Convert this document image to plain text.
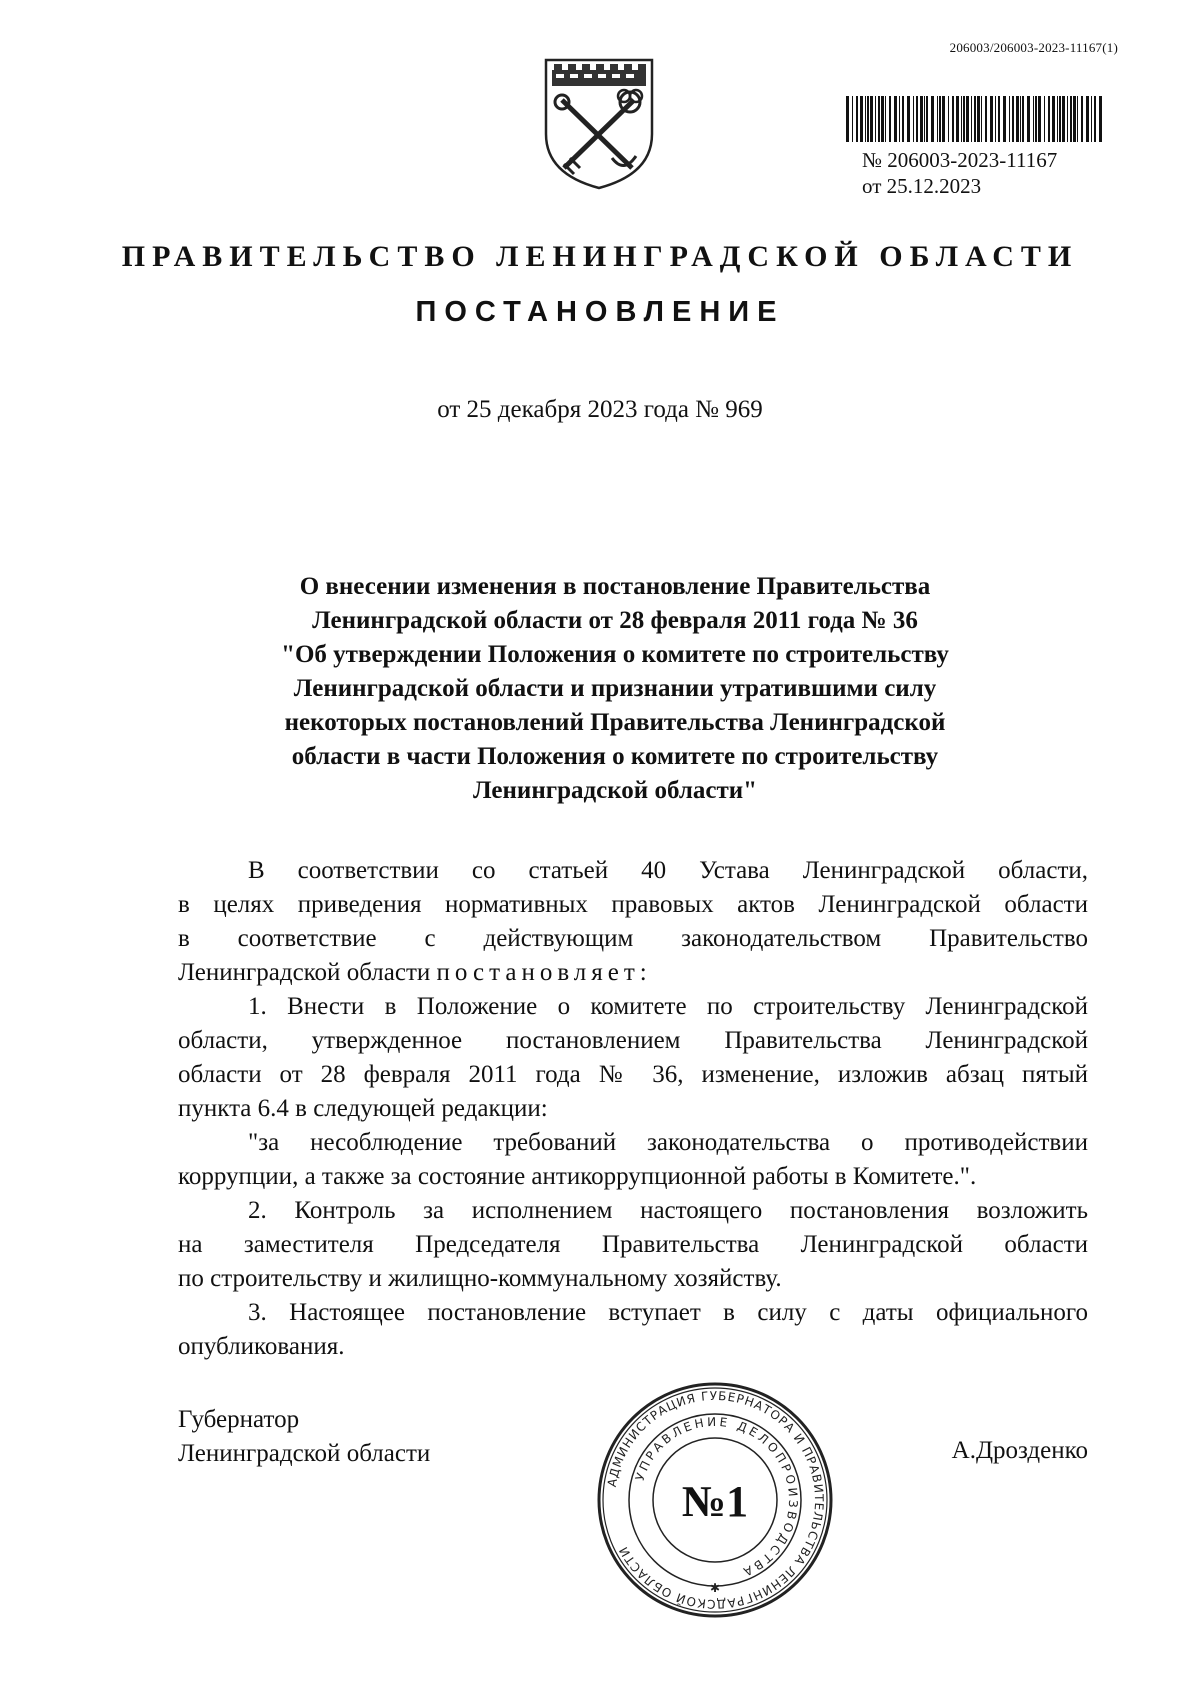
206003/206003-2023-11167(1)
№ 206003-2023-11167
от 25.12.2023
ПРАВИТЕЛЬСТВО ЛЕНИНГРАДСКОЙ ОБЛАСТИ
ПОСТАНОВЛЕНИЕ
от 25 декабря 2023 года № 969
О внесении изменения в постановление Правительства
Ленинградской области от 28 февраля 2011 года № 36
"Об утверждении Положения о комитете по строительству
Ленинградской области и признании утратившими силу
некоторых постановлений Правительства Ленинградской
области в части Положения о комитете по строительству
Ленинградской области"
В соответствии со статьей 40 Устава Ленинградской области,
в целях приведения нормативных правовых актов Ленинградской области
в соответствие с действующим законодательством Правительство
Ленинградской области постановляет:
1. Внести в Положение о комитете по строительству Ленинградской
области, утвержденное постановлением Правительства Ленинградской
области от 28 февраля 2011 года № 36, изменение, изложив абзац пятый
пункта 6.4 в следующей редакции:
"за несоблюдение требований законодательства о противодействии
коррупции, а также за состояние антикоррупционной работы в Комитете.".
2. Контроль за исполнением настоящего постановления возложить
на заместителя Председателя Правительства Ленинградской области
по строительству и жилищно-коммунальному хозяйству.
3. Настоящее постановление вступает в силу с даты официального
опубликования.
Губернатор
Ленинградской области	А.Дрозденко
АДМИНИСТРАЦИЯ ГУБЕРНАТОРА И ПРАВИТЕЛЬСТВА ЛЕНИНГРАДСКОЙ ОБЛАСТИ
УПРАВЛЕНИЕ ДЕЛОПРОИЗВОДСТВА
№1
✱
